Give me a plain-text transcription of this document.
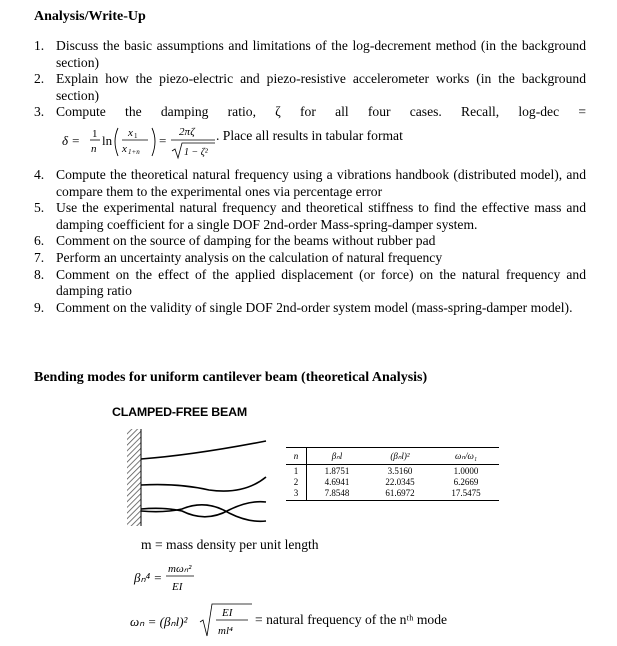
Analysis/Write-Up
1. Discuss the basic assumptions and limitations of the log-decrement method (in the background section)
2. Explain how the piezo-electric and piezo-resistive accelerometer works (in the background section)
3. Compute the damping ratio, ζ for all four cases. Recall, log-dec =
δ = 1
n
ln x 1
x 1+n
=
2πζ
1 − ζ²
. Place all results in tabular format
4. Compute the theoretical natural frequency using a vibrations handbook (distributed model), and compare them to the experimental ones via percentage error
5. Use the experimental natural frequency and theoretical stiffness to find the effective mass and damping coefficient for a single DOF 2nd-order Mass-spring-damper system.
6. Comment on the source of damping for the beams without rubber pad
7. Perform an uncertainty analysis on the calculation of natural frequency
8. Comment on the effect of the applied displacement (or force) on the natural frequency and damping ratio
9. Comment on the validity of single DOF 2nd-order system model (mass-spring-damper model).
Bending modes for uniform cantilever beam (theoretical Analysis)
CLAMPED-FREE BEAM
n	βₙl	(βₙl)²	ωₙ/ω₁
1	1.8751	3.5160	1.0000
2	4.6941	22.0345	6.2669
3	7.8548	61.6972	17.5475
m = mass density per unit length
βₙ⁴ =
mωₙ²
EI
ωₙ = (βₙl)²
EI
ml⁴
= natural frequency of the nᵗʰ mode
